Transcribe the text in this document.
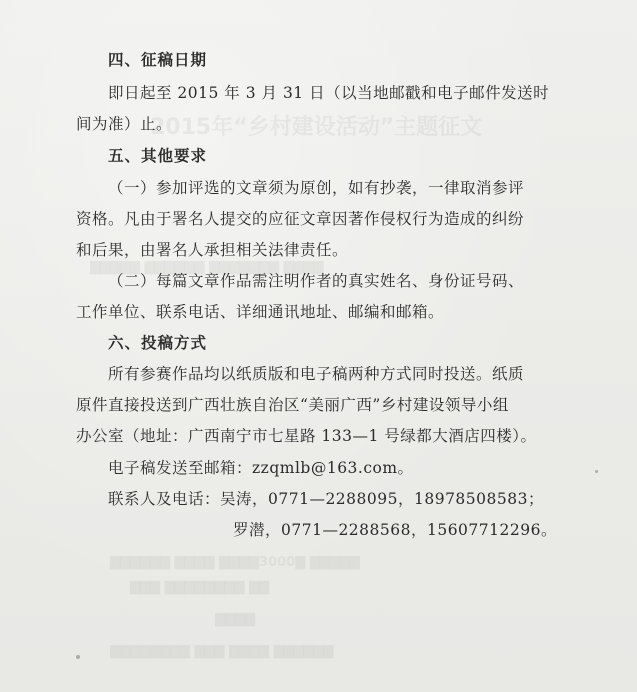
2015年“乡村建设活动”主题征文
▇▇▇▇▇ ▇▇▇▇▇▇ ▇▇▇▇▇▇▇ ▇▇▇▇
▇▇▇▇▇▇ ▇▇▇▇ ▇▇▇▇3000▇ ▇▇▇▇▇
▇▇▇ ▇▇▇▇▇▇▇▇ ▇▇
▇▇▇▇
▇▇▇▇▇▇▇▇ ▇▇▇ ▇▇▇▇ ▇▇▇▇▇▇
四、征稿日期
即日起至 2015 年 3 月 31 日（以当地邮戳和电子邮件发送时
间为准）止。
五、其他要求
（一）参加评选的文章须为原创，如有抄袭，一律取消参评
资格。凡由于署名人提交的应征文章因著作侵权行为造成的纠纷
和后果，由署名人承担相关法律责任。
（二）每篇文章作品需注明作者的真实姓名、身份证号码、
工作单位、联系电话、详细通讯地址、邮编和邮箱。
六、投稿方式
所有参赛作品均以纸质版和电子稿两种方式同时投送。纸质
原件直接投送到广西壮族自治区“美丽广西”乡村建设领导小组
办公室（地址：广西南宁市七星路 133—1 号绿都大酒店四楼）。
电子稿发送至邮箱：zzqmlb@163.com。
联系人及电话：吴涛，0771—2288095，18978508583；
罗潜，0771—2288568，15607712296。
